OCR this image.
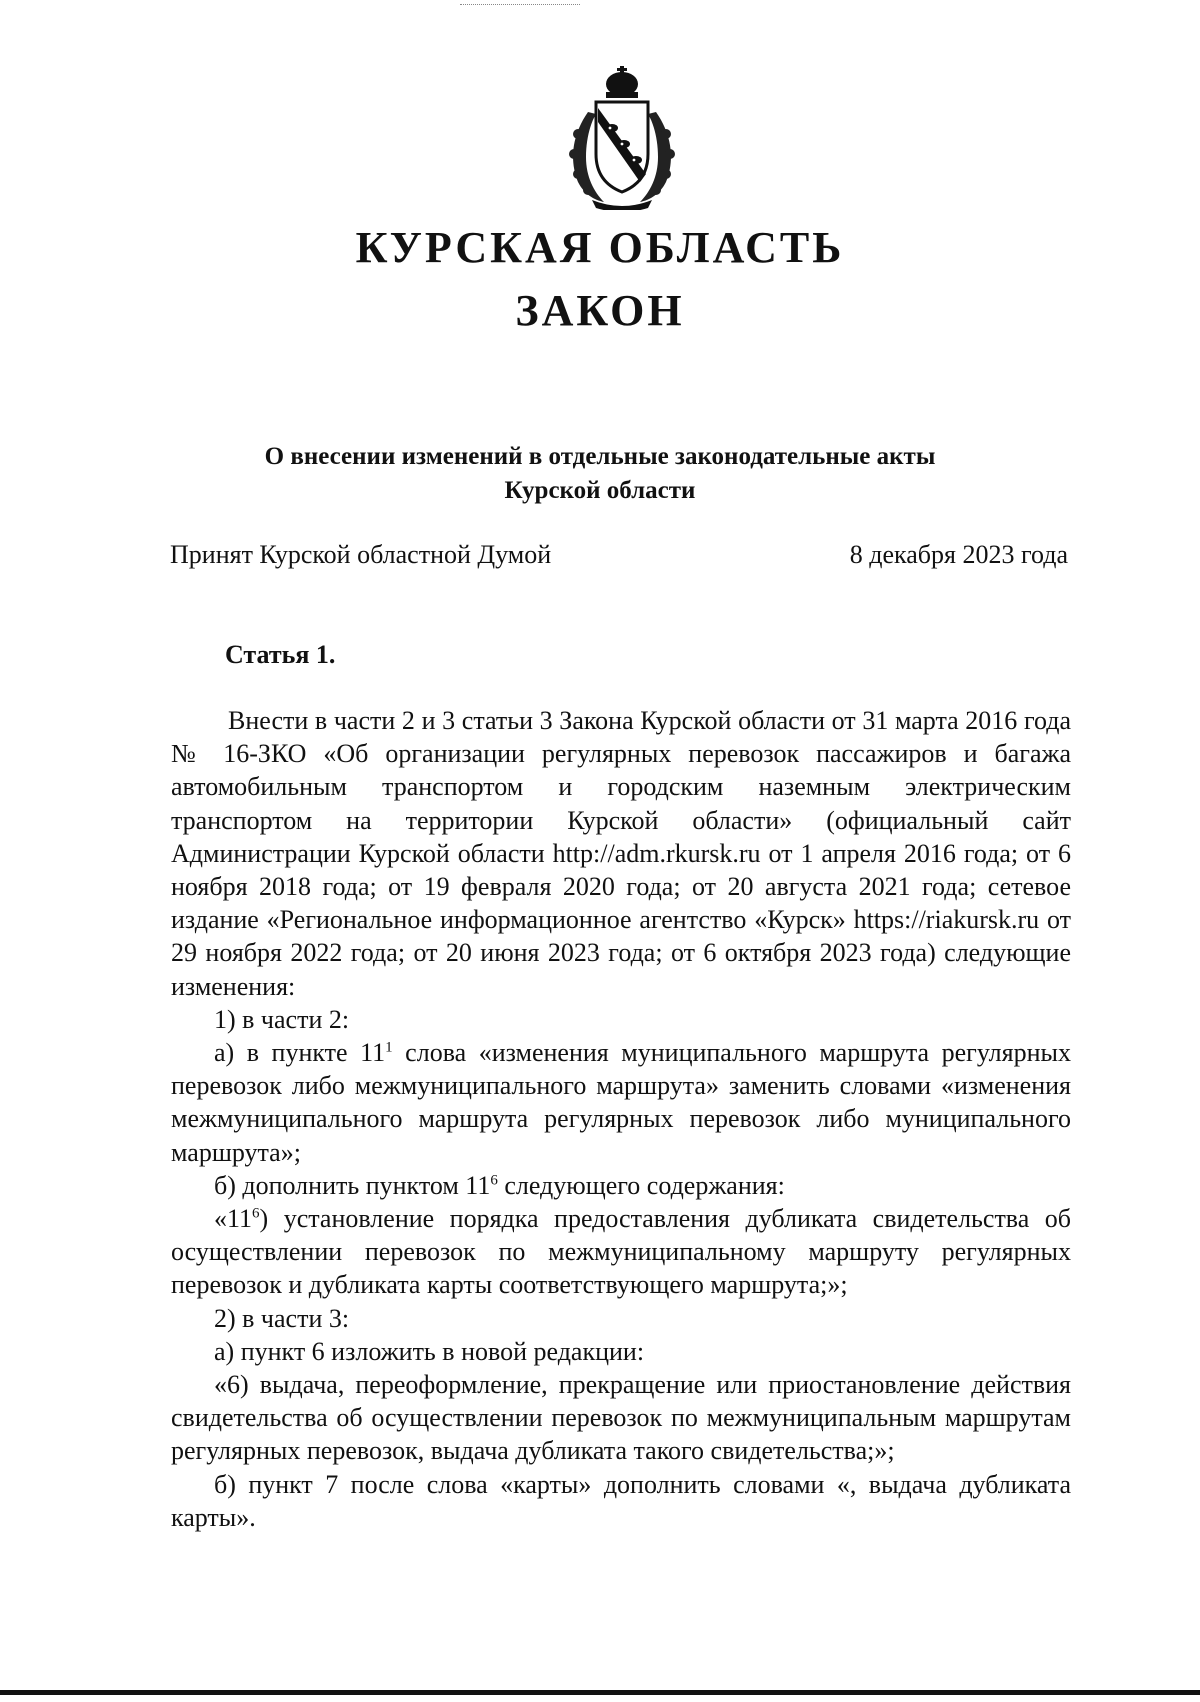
КУРСКАЯ ОБЛАСТЬ
ЗАКОН
О внесении изменений в отдельные законодательные акты
Курской области
Принят Курской областной Думой	8 декабря 2023 года
Статья 1.

Внести в части 2 и 3 статьи 3 Закона Курской области от 31 марта 2016 года № 16-ЗКО «Об организации регулярных перевозок пассажиров и багажа автомобильным транспортом и городским наземным электрическим транспортом на территории Курской области» (официальный сайт Администрации Курской области http://adm.rkursk.ru от 1 апреля 2016 года; от 6 ноября 2018 года; от 19 февраля 2020 года; от 20 августа 2021 года; сетевое издание «Региональное информационное агентство «Курск» https://riakursk.ru от 29 ноября 2022 года; от 20 июня 2023 года; от 6 октября 2023 года) следующие изменения:

1) в части 2:

а) в пункте $11^1$ слова «изменения муниципального маршрута регулярных перевозок либо межмуниципального маршрута» заменить словами «изменения межмуниципального маршрута регулярных перевозок либо муниципального маршрута»;

б) дополнить пунктом $11^6$ следующего содержания:

«$11^6$) установление порядка предоставления дубликата свидетельства об осуществлении перевозок по межмуниципальному маршруту регулярных перевозок и дубликата карты соответствующего маршрута;»;

2) в части 3:

а) пункт 6 изложить в новой редакции:

«6) выдача, переоформление, прекращение или приостановление действия свидетельства об осуществлении перевозок по межмуниципальным маршрутам регулярных перевозок, выдача дубликата такого свидетельства;»;

б) пункт 7 после слова «карты» дополнить словами «, выдача дубликата карты».
